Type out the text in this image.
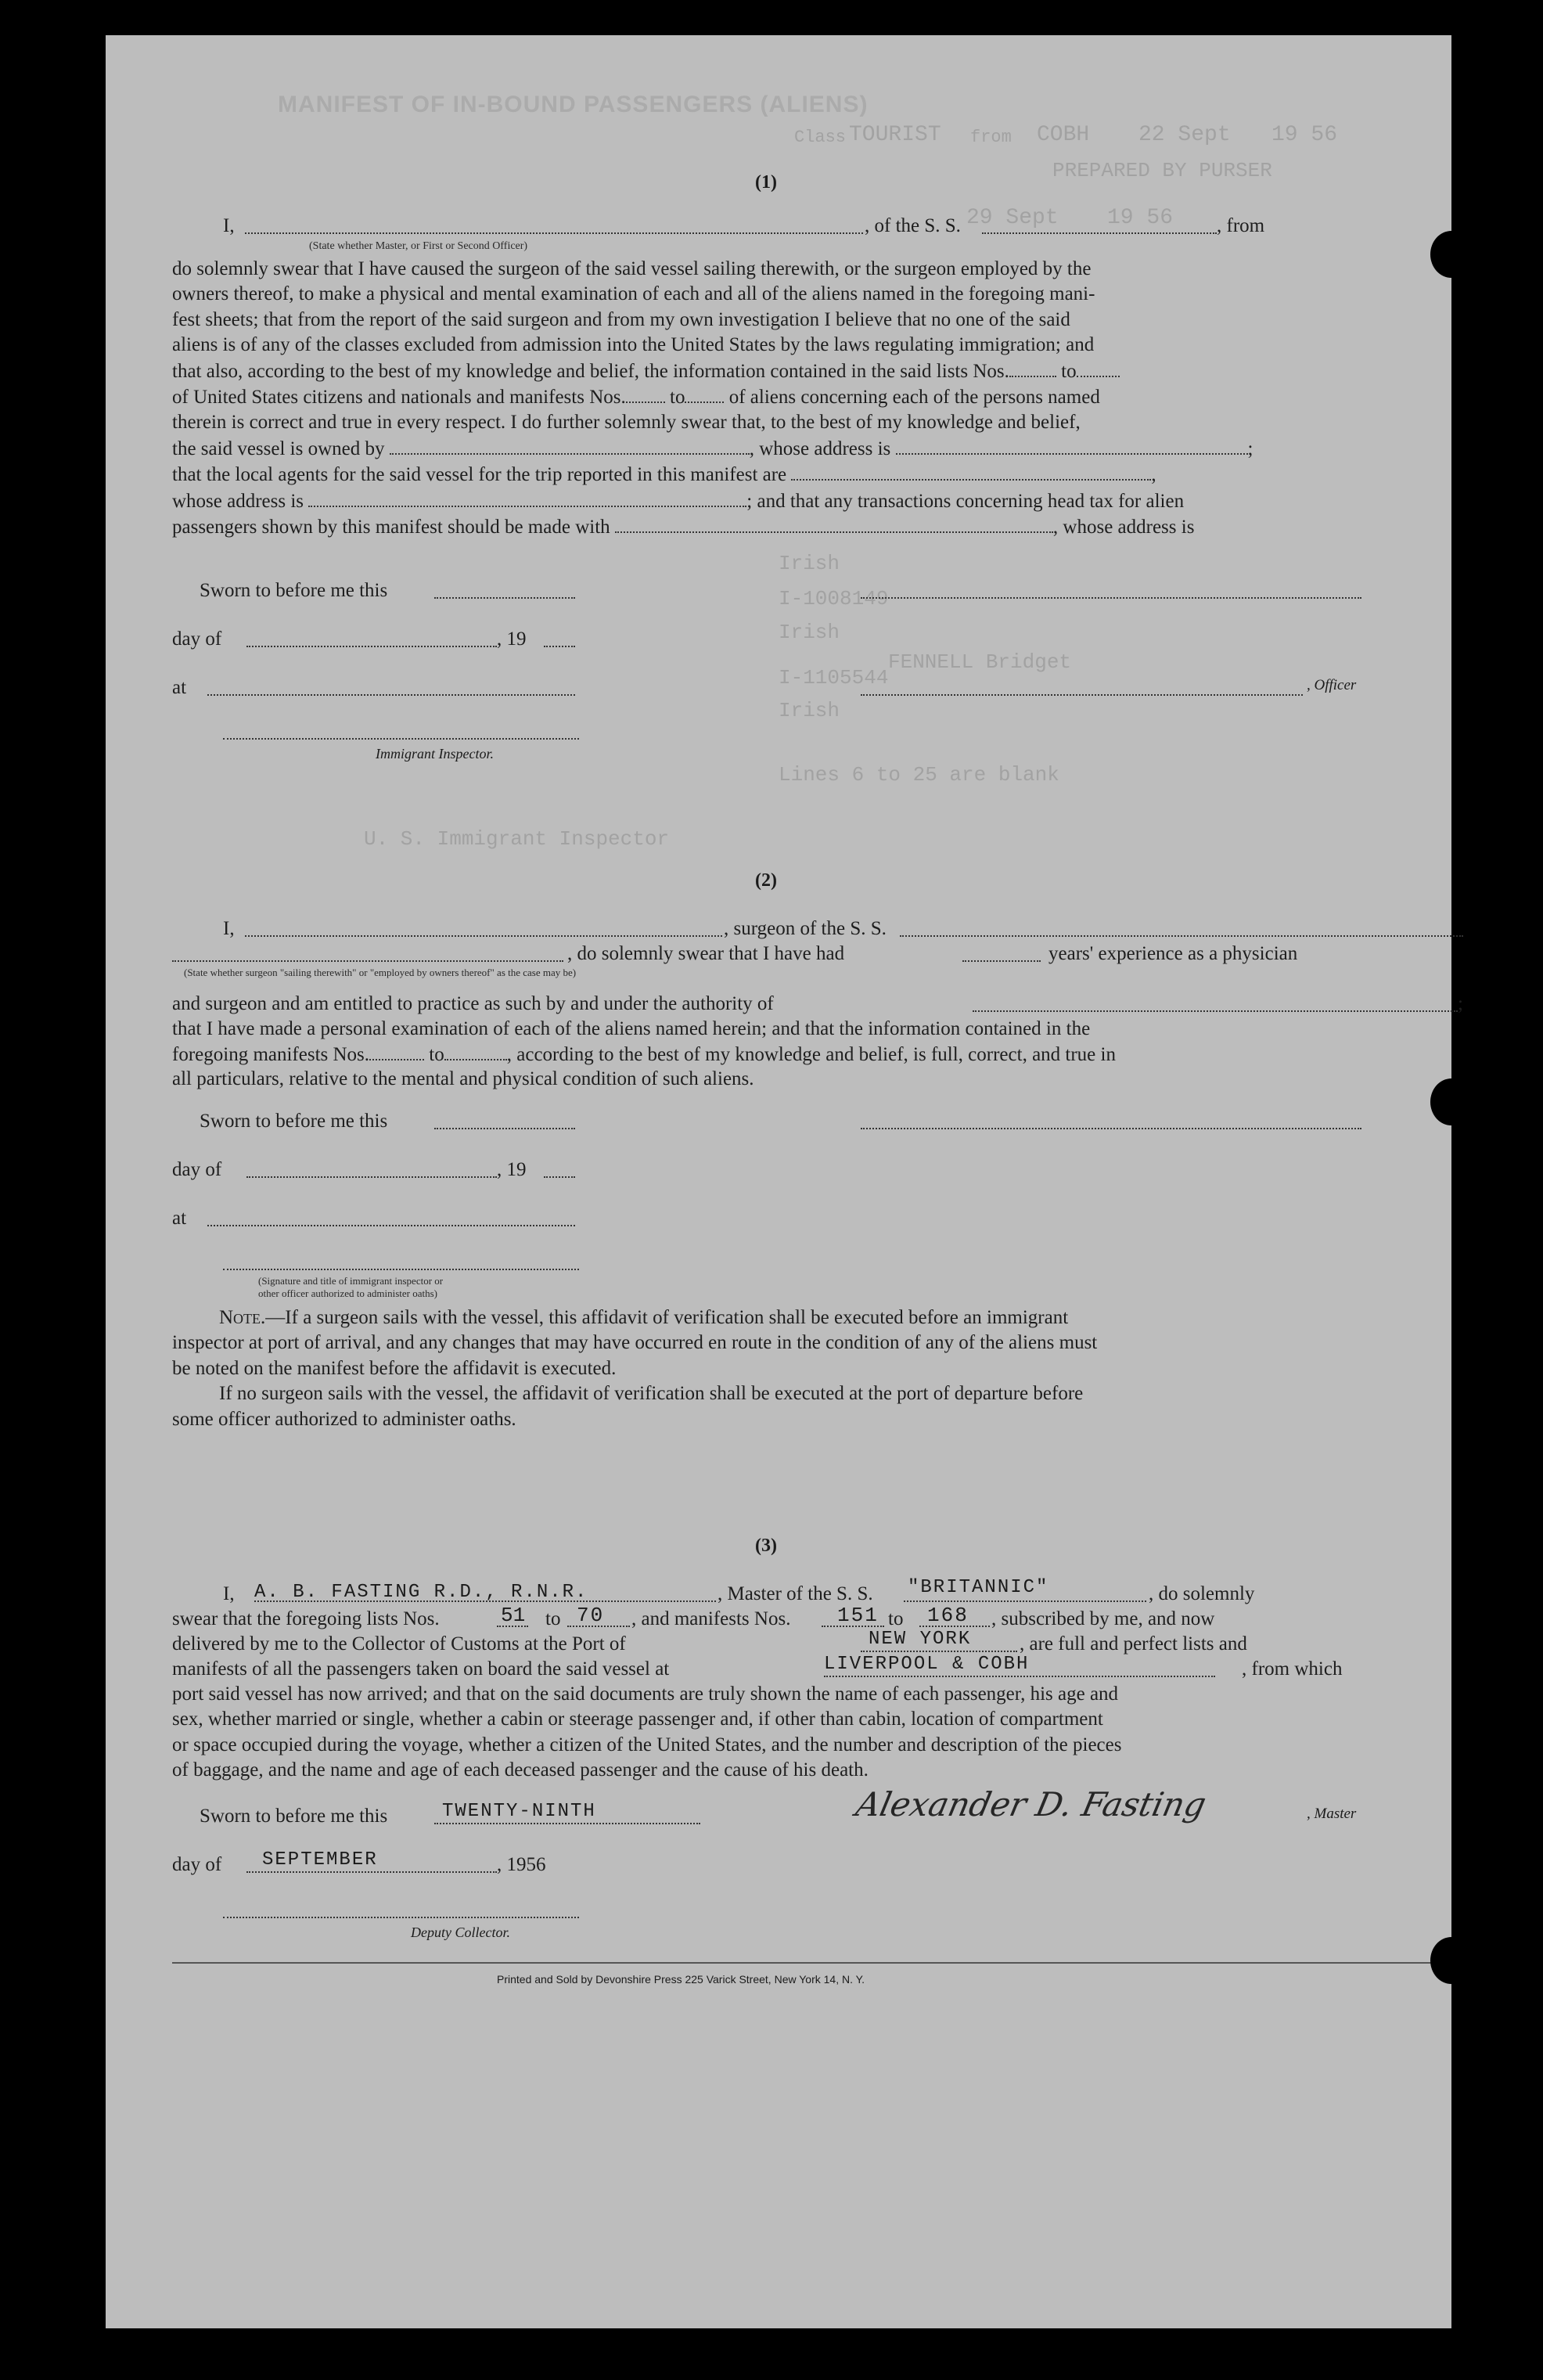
MANIFEST OF IN-BOUND PASSENGERS (ALIENS)
Class TOURIST from COBH 22 Sept 19 56
29 Sept 19 56
PREPARED BY PURSER
(1)
I,	, of the S. S.	, from
(State whether Master, or First or Second Officer)
do solemnly swear that I have caused the surgeon of the said vessel sailing therewith, or the surgeon employed by the
owners thereof, to make a physical and mental examination of each and all of the aliens named in the foregoing mani-
fest sheets; that from the report of the said surgeon and from my own investigation I believe that no one of the said
aliens is of any of the classes excluded from admission into the United States by the laws regulating immigration; and
that also, according to the best of my knowledge and belief, the information contained in the said lists Nos.	to
of United States citizens and nationals and manifests Nos. to of aliens concerning each of the persons named
therein is correct and true in every respect. I do further solemnly swear that, to the best of my knowledge and belief,
the said vessel is owned by	, whose address is	;
that the local agents for the said vessel for the trip reported in this manifest are	,
whose address is	; and that any transactions concerning head tax for alien
passengers shown by this manifest should be made with	, whose address is
Irish
I-1008149
Irish
FENNELL Bridget
I-1105544
Irish
Lines 6 to 25 are blank
U. S. Immigrant Inspector
Sworn to before me this
day of	, 19
at	, Officer
Immigrant Inspector.
(2)
I,	, surgeon of the S. S.
, do solemnly swear that I have had	years' experience as a physician
(State whether surgeon "sailing therewith" or "employed by owners thereof" as the case may be)
and surgeon and am entitled to practice as such by and under the authority of	;
that I have made a personal examination of each of the aliens named herein; and that the information contained in the
foregoing manifests Nos.	to	, according to the best of my knowledge and belief, is full, correct, and true in
all particulars, relative to the mental and physical condition of such aliens.
Sworn to before me this
day of	, 19
at
(Signature and title of immigrant inspector or
other officer authorized to administer oaths)
Note.—If a surgeon sails with the vessel, this affidavit of verification shall be executed before an immigrant
inspector at port of arrival, and any changes that may have occurred en route in the condition of any of the aliens must
be noted on the manifest before the affidavit is executed.
If no surgeon sails with the vessel, the affidavit of verification shall be executed at the port of departure before
some officer authorized to administer oaths.
(3)
I, A. B. FASTING R.D., R.N.R.	, Master of the S. S. "BRITANNIC"	, do solemnly
swear that the foregoing lists Nos.	51 to 70 , and manifests Nos. 151 to 168 , subscribed by me, and now
delivered by me to the Collector of Customs at the Port of	NEW YORK , are full and perfect lists and
manifests of all the passengers taken on board the said vessel at	LIVERPOOL & COBH	, from which
port said vessel has now arrived; and that on the said documents are truly shown the name of each passenger, his age and
sex, whether married or single, whether a cabin or steerage passenger and, if other than cabin, location of compartment
or space occupied during the voyage, whether a citizen of the United States, and the number and description of the pieces
of baggage, and the name and age of each deceased passenger and the cause of his death.
Sworn to before me this	TWENTY-NINTH	Alexander D. Fasting	, Master
day of SEPTEMBER	, 1956
Deputy Collector.
Printed and Sold by Devonshire Press 225 Varick Street, New York 14, N. Y.
